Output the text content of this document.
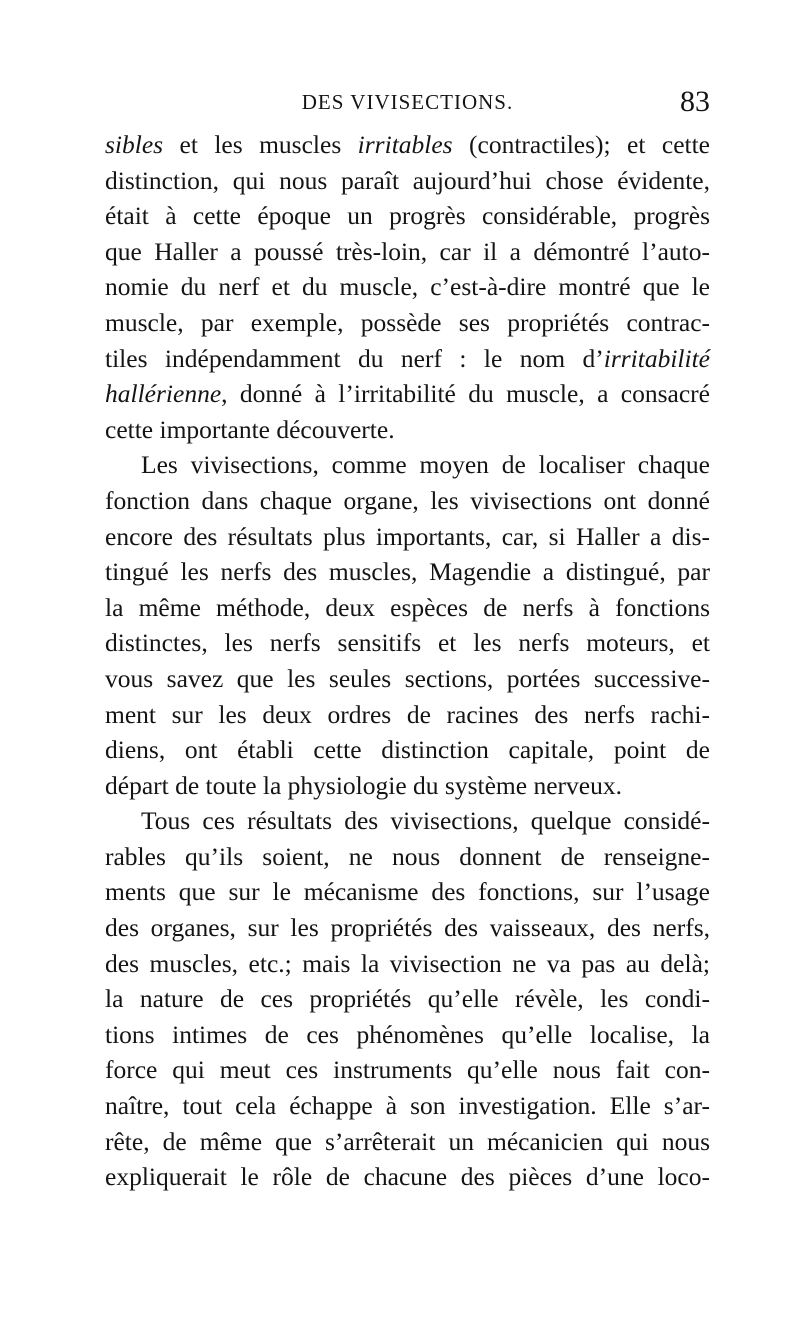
DES VIVISECTIONS.	83
sibles et les muscles irritables (contractiles); et cette
distinction, qui nous paraît aujourd’hui chose évidente,
était à cette époque un progrès considérable, progrès
que Haller a poussé très-loin, car il a démontré l’auto-
nomie du nerf et du muscle, c’est-à-dire montré que le
muscle, par exemple, possède ses propriétés contrac-
tiles indépendamment du nerf : le nom d’irritabilité
hallérienne, donné à l’irritabilité du muscle, a consacré
cette importante découverte.
Les vivisections, comme moyen de localiser chaque
fonction dans chaque organe, les vivisections ont donné
encore des résultats plus importants, car, si Haller a dis-
tingué les nerfs des muscles, Magendie a distingué, par
la même méthode, deux espèces de nerfs à fonctions
distinctes, les nerfs sensitifs et les nerfs moteurs, et
vous savez que les seules sections, portées successive-
ment sur les deux ordres de racines des nerfs rachi-
diens, ont établi cette distinction capitale, point de
départ de toute la physiologie du système nerveux.
Tous ces résultats des vivisections, quelque considé-
rables qu’ils soient, ne nous donnent de renseigne-
ments que sur le mécanisme des fonctions, sur l’usage
des organes, sur les propriétés des vaisseaux, des nerfs,
des muscles, etc.; mais la vivisection ne va pas au delà;
la nature de ces propriétés qu’elle révèle, les condi-
tions intimes de ces phénomènes qu’elle localise, la
force qui meut ces instruments qu’elle nous fait con-
naître, tout cela échappe à son investigation. Elle s’ar-
rête, de même que s’arrêterait un mécanicien qui nous
expliquerait le rôle de chacune des pièces d’une loco-
